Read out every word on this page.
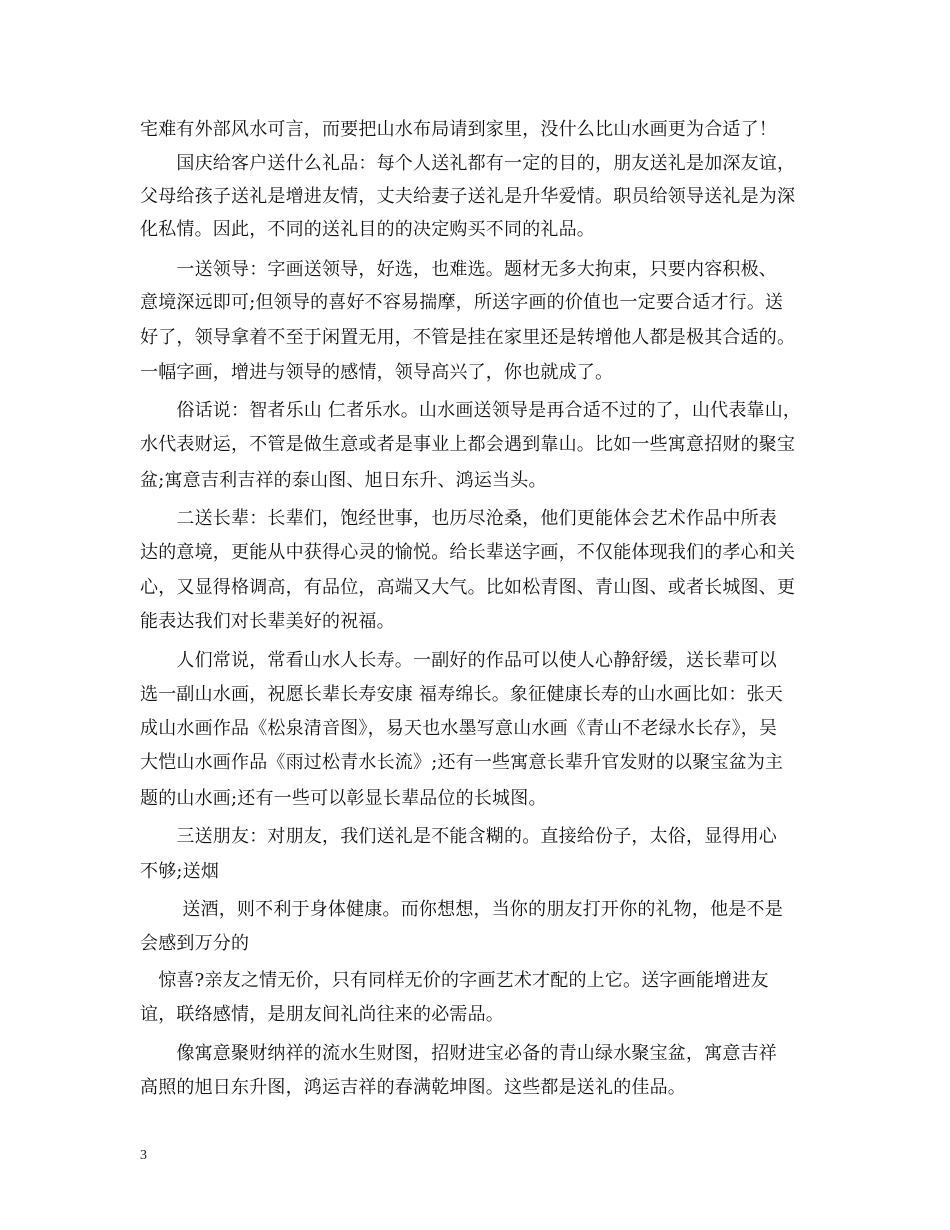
宅难有外部风水可言，而要把山水布局请到家里，没什么比山水画更为合适了！
　　国庆给客户送什么礼品：每个人送礼都有一定的目的，朋友送礼是加深友谊，
父母给孩子送礼是增进友情，丈夫给妻子送礼是升华爱情。职员给领导送礼是为深
化私情。因此，不同的送礼目的的决定购买不同的礼品。
　　一送领导：字画送领导，好选，也难选。题材无多大拘束，只要内容积极、
意境深远即可;但领导的喜好不容易揣摩，所送字画的价值也一定要合适才行。送
好了，领导拿着不至于闲置无用，不管是挂在家里还是转增他人都是极其合适的。
一幅字画，增进与领导的感情，领导高兴了，你也就成了。
　　俗话说：智者乐山 仁者乐水。山水画送领导是再合适不过的了，山代表靠山，
水代表财运，不管是做生意或者是事业上都会遇到靠山。比如一些寓意招财的聚宝
盆;寓意吉利吉祥的泰山图、旭日东升、鸿运当头。
　　二送长辈：长辈们，饱经世事，也历尽沧桑，他们更能体会艺术作品中所表
达的意境，更能从中获得心灵的愉悦。给长辈送字画，不仅能体现我们的孝心和关
心，又显得格调高，有品位，高端又大气。比如松青图、青山图、或者长城图、更
能表达我们对长辈美好的祝福。
　　人们常说，常看山水人长寿。一副好的作品可以使人心静舒缓，送长辈可以
选一副山水画，祝愿长辈长寿安康 福寿绵长。象征健康长寿的山水画比如：张天
成山水画作品《松泉清音图》，易天也水墨写意山水画《青山不老绿水长存》，吴
大恺山水画作品《雨过松青水长流》;还有一些寓意长辈升官发财的以聚宝盆为主
题的山水画;还有一些可以彰显长辈品位的长城图。
　　三送朋友：对朋友，我们送礼是不能含糊的。直接给份子，太俗，显得用心
不够;送烟
　　 送酒，则不利于身体健康。而你想想，当你的朋友打开你的礼物，他是不是
会感到万分的
　惊喜?亲友之情无价，只有同样无价的字画艺术才配的上它。送字画能增进友
谊，联络感情，是朋友间礼尚往来的必需品。
　　像寓意聚财纳祥的流水生财图，招财进宝必备的青山绿水聚宝盆，寓意吉祥
高照的旭日东升图，鸿运吉祥的春满乾坤图。这些都是送礼的佳品。
3
